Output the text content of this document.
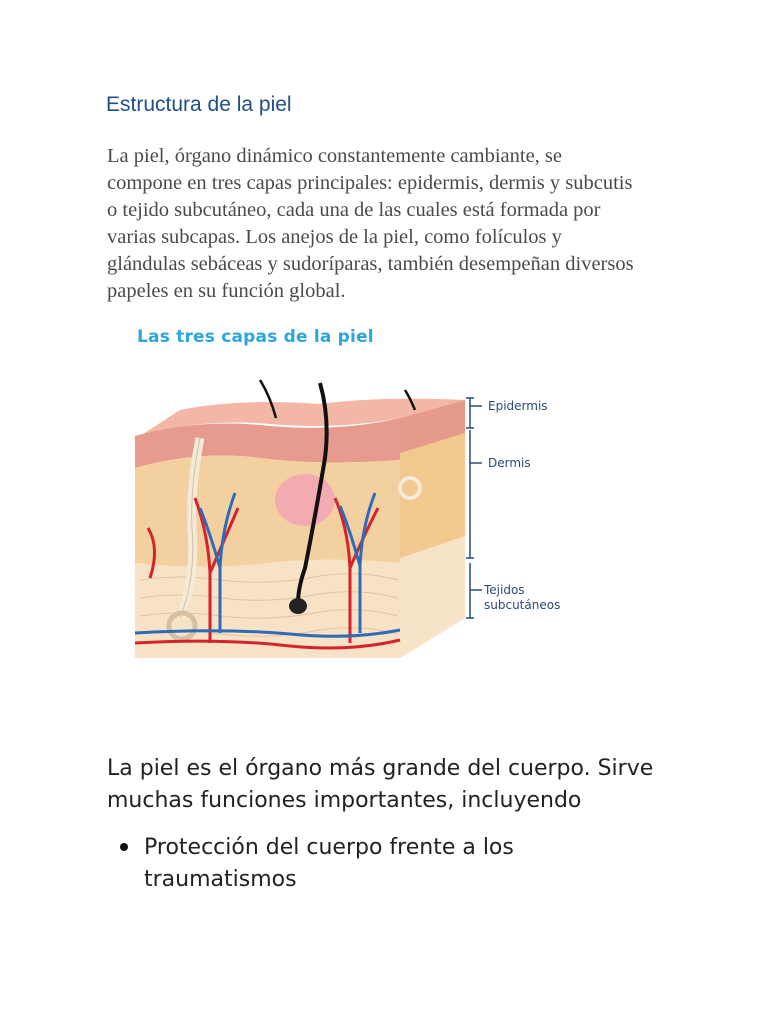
Estructura de la piel

La piel, órgano dinámico constantemente cambiante, se compone en tres capas principales: epidermis, dermis y subcutis o tejido subcutáneo, cada una de las cuales está formada por varias subcapas. Los anejos de la piel, como folículos y glándulas sebáceas y sudoríparas, también desempeñan diversos papeles en su función global.

Las tres capas de la piel
Epidermis
Dermis
Tejidos
subcutáneos

La piel es el órgano más grande del cuerpo. Sirve muchas funciones importantes, incluyendo

Protección del cuerpo frente a los traumatismos
